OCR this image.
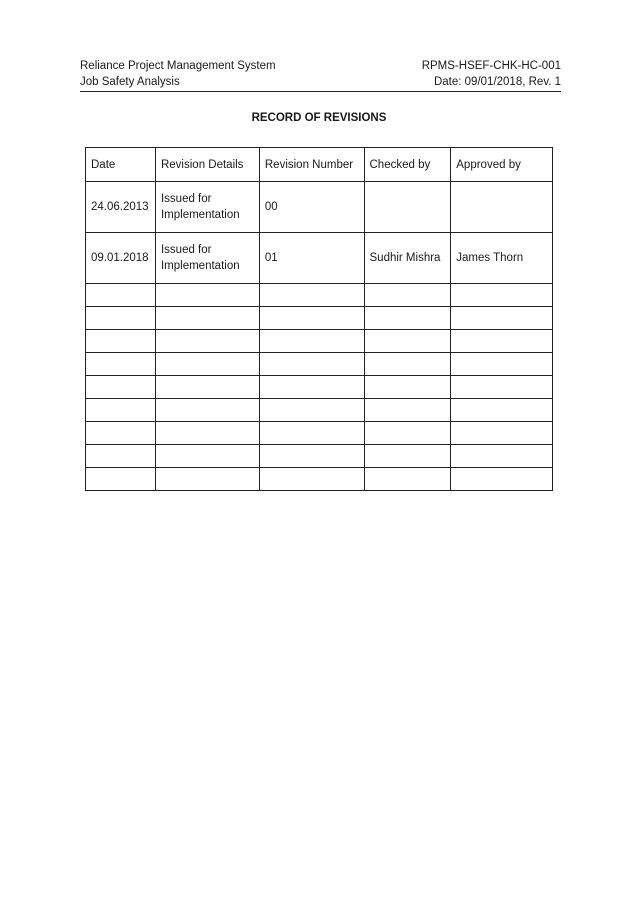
Reliance Project Management System	RPMS-HSEF-CHK-HC-001
Job Safety Analysis	Date: 09/01/2018, Rev. 1
RECORD OF REVISIONS
Date	Revision Details	Revision Number	Checked by	Approved by
24.06.2013	Issued for Implementation	00		
09.01.2018	Issued for Implementation	01	Sudhir Mishra	James Thorn
